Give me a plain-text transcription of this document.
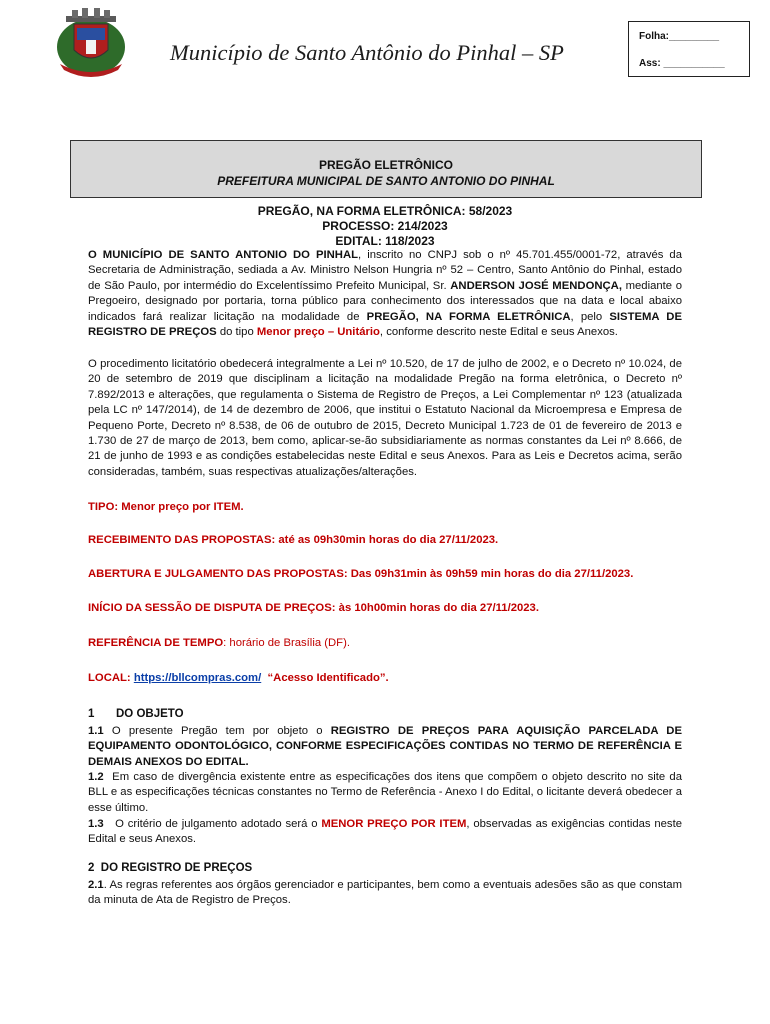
Município de Santo Antônio do Pinhal – SP
Folha:_________
Ass: ___________
PREGÃO ELETRÔNICO
PREFEITURA MUNICIPAL DE SANTO ANTONIO DO PINHAL
PREGÃO, NA FORMA ELETRÔNICA: 58/2023
PROCESSO: 214/2023
EDITAL: 118/2023
O MUNICÍPIO DE SANTO ANTONIO DO PINHAL, inscrito no CNPJ sob o nº 45.701.455/0001-72, através da Secretaria de Administração, sediada a Av. Ministro Nelson Hungria nº 52 – Centro, Santo Antônio do Pinhal, estado de São Paulo, por intermédio do Excelentíssimo Prefeito Municipal, Sr. ANDERSON JOSÉ MENDONÇA, mediante o Pregoeiro, designado por portaria, torna público para conhecimento dos interessados que na data e local abaixo indicados fará realizar licitação na modalidade de PREGÃO, NA FORMA ELETRÔNICA, pelo SISTEMA DE REGISTRO DE PREÇOS do tipo Menor preço – Unitário, conforme descrito neste Edital e seus Anexos.
O procedimento licitatório obedecerá integralmente a Lei nº 10.520, de 17 de julho de 2002, e o Decreto nº 10.024, de 20 de setembro de 2019 que disciplinam a licitação na modalidade Pregão na forma eletrônica, o Decreto nº 7.892/2013 e alterações, que regulamenta o Sistema de Registro de Preços, a Lei Complementar nº 123 (atualizada pela LC nº 147/2014), de 14 de dezembro de 2006, que institui o Estatuto Nacional da Microempresa e Empresa de Pequeno Porte, Decreto nº 8.538, de 06 de outubro de 2015, Decreto Municipal 1.723 de 01 de fevereiro de 2013 e 1.730 de 27 de março de 2013, bem como, aplicar-se-ão subsidiariamente as normas constantes da Lei nº 8.666, de 21 de junho de 1993 e as condições estabelecidas neste Edital e seus Anexos. Para as Leis e Decretos acima, serão consideradas, também, suas respectivas atualizações/alterações.
TIPO: Menor preço por ITEM.
RECEBIMENTO DAS PROPOSTAS: até as 09h30min horas do dia 27/11/2023.
ABERTURA E JULGAMENTO DAS PROPOSTAS: Das 09h31min às 09h59 min horas do dia 27/11/2023.
INÍCIO DA SESSÃO DE DISPUTA DE PREÇOS: às 10h00min horas do dia 27/11/2023.
REFERÊNCIA DE TEMPO: horário de Brasília (DF).
LOCAL: https://bllcompras.com/  “Acesso Identificado”.
1 DO OBJETO
1.1 O presente Pregão tem por objeto o REGISTRO DE PREÇOS PARA AQUISIÇÃO PARCELADA DE EQUIPAMENTO ODONTOLÓGICO, CONFORME ESPECIFICAÇÕES CONTIDAS NO TERMO DE REFERÊNCIA E DEMAIS ANEXOS DO EDITAL.
1.2  Em caso de divergência existente entre as especificações dos itens que compõem o objeto descrito no site da BLL e as especificações técnicas constantes no Termo de Referência - Anexo I do Edital, o licitante deverá obedecer a esse último.
1.3   O critério de julgamento adotado será o MENOR PREÇO POR ITEM, observadas as exigências contidas neste Edital e seus Anexos.
2  DO REGISTRO DE PREÇOS
2.1. As regras referentes aos órgãos gerenciador e participantes, bem como a eventuais adesões são as que constam da minuta de Ata de Registro de Preços.
